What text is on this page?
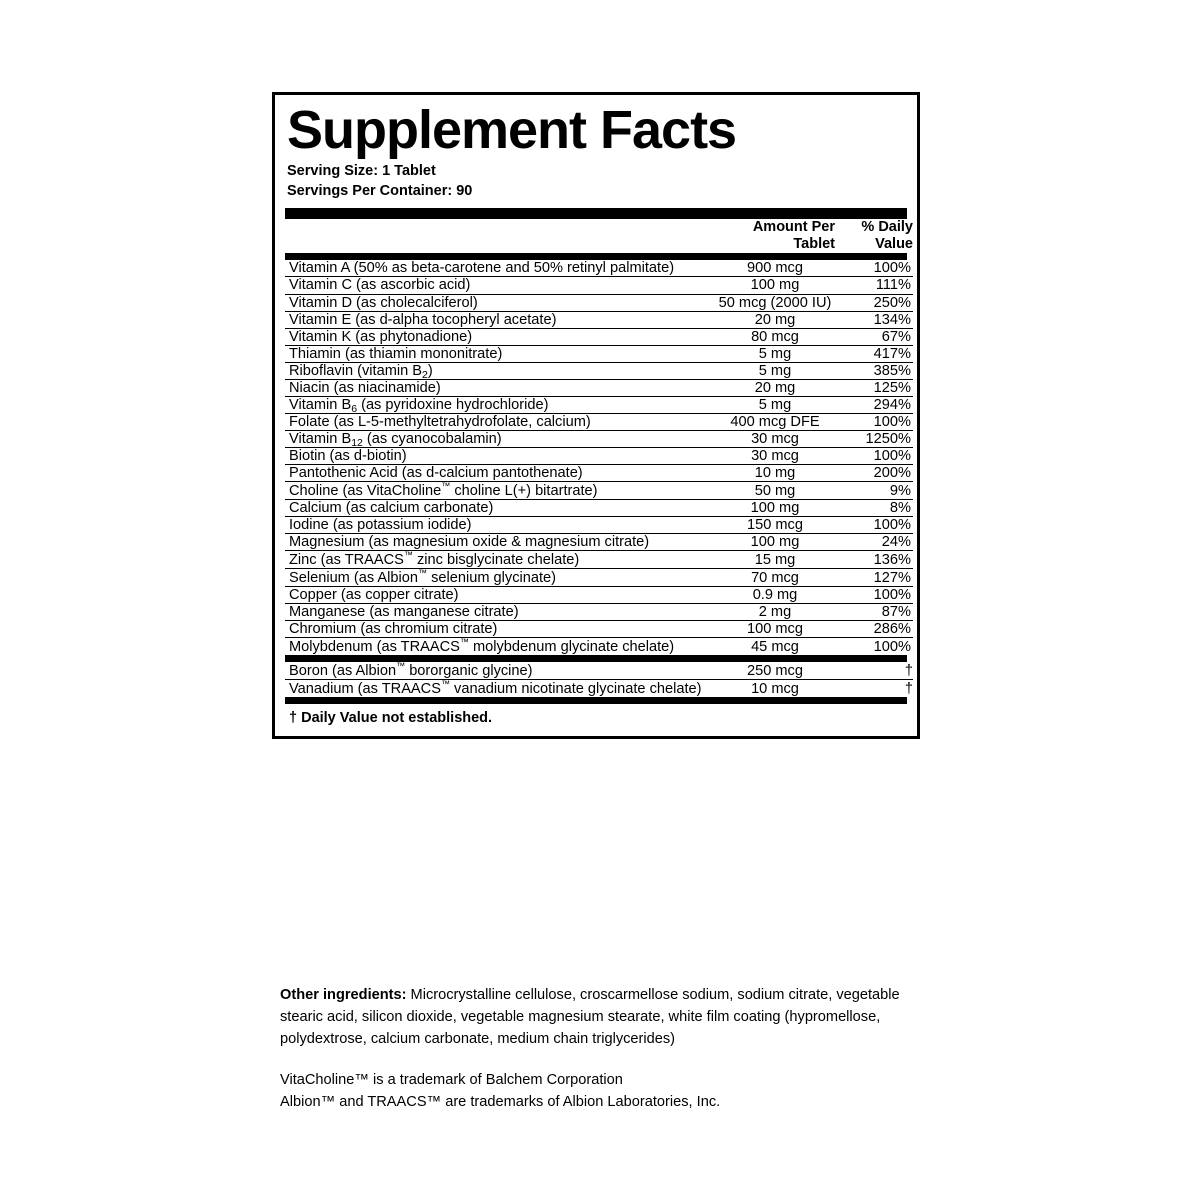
Supplement Facts
Serving Size: 1 Tablet
Servings Per Container: 90
	Amount Per
Tablet
	% Daily
Value
Vitamin A (50% as beta-carotene and 50% retinyl palmitate)	900 mcg	100%
Vitamin C (as ascorbic acid)	100 mg	111%
Vitamin D (as cholecalciferol)	50 mcg (2000 IU)	250%
Vitamin E (as d-alpha tocopheryl acetate)	20 mg	134%
Vitamin K (as phytonadione)	80 mcg	67%
Thiamin (as thiamin mononitrate)	5 mg	417%
Riboflavin (vitamin $B_2$)	5 mg	385%
Niacin (as niacinamide)	20 mg	125%
Vitamin $B_6$ (as pyridoxine hydrochloride)	5 mg	294%
Folate (as L-5-methyltetrahydrofolate, calcium)	400 mcg DFE	100%
Vitamin $B_{12}$ (as cyanocobalamin)	30 mcg	1250%
Biotin (as d-biotin)	30 mcg	100%
Pantothenic Acid (as d-calcium pantothenate)	10 mg	200%
Choline (as VitaCholine™ choline L(+) bitartrate)	50 mg	9%
Calcium (as calcium carbonate)	100 mg	8%
Iodine (as potassium iodide)	150 mcg	100%
Magnesium (as magnesium oxide & magnesium citrate)	100 mg	24%
Zinc (as TRAACS™ zinc bisglycinate chelate)	15 mg	136%
Selenium (as Albion™ selenium glycinate)	70 mcg	127%
Copper (as copper citrate)	0.9 mg	100%
Manganese (as manganese citrate)	2 mg	87%
Chromium (as chromium citrate)	100 mcg	286%
Molybdenum (as TRAACS™ molybdenum glycinate chelate)	45 mcg	100%
Boron (as Albion™ bororganic glycine)	250 mcg	†
Vanadium (as TRAACS™ vanadium nicotinate glycinate chelate)	10 mcg	†
† Daily Value not established.
Other ingredients: Microcrystalline cellulose, croscarmellose sodium, sodium citrate, vegetable stearic acid, silicon dioxide, vegetable magnesium stearate, white film coating (hypromellose, polydextrose, calcium carbonate, medium chain triglycerides)
VitaCholine™ is a trademark of Balchem Corporation
Albion™ and TRAACS™ are trademarks of Albion Laboratories, Inc.
